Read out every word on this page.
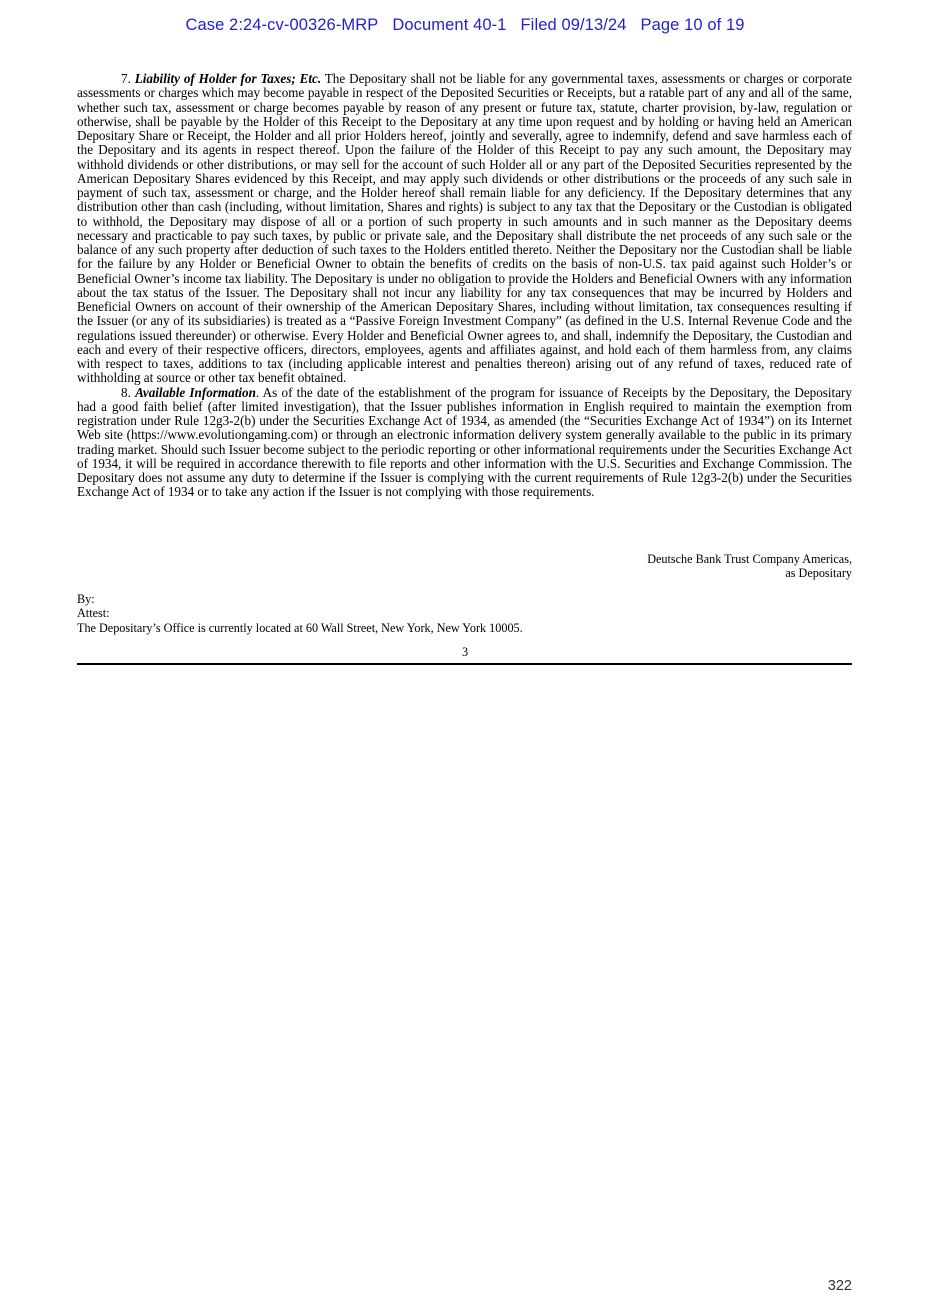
Case 2:24-cv-00326-MRP Document 40-1 Filed 09/13/24 Page 10 of 19

7. Liability of Holder for Taxes; Etc. The Depositary shall not be liable for any governmental taxes, assessments or charges or corporate assessments or charges which may become payable in respect of the Deposited Securities or Receipts, but a ratable part of any and all of the same, whether such tax, assessment or charge becomes payable by reason of any present or future tax, statute, charter provision, by-law, regulation or otherwise, shall be payable by the Holder of this Receipt to the Depositary at any time upon request and by holding or having held an American Depositary Share or Receipt, the Holder and all prior Holders hereof, jointly and severally, agree to indemnify, defend and save harmless each of the Depositary and its agents in respect thereof. Upon the failure of the Holder of this Receipt to pay any such amount, the Depositary may withhold dividends or other distributions, or may sell for the account of such Holder all or any part of the Deposited Securities represented by the American Depositary Shares evidenced by this Receipt, and may apply such dividends or other distributions or the proceeds of any such sale in payment of such tax, assessment or charge, and the Holder hereof shall remain liable for any deficiency. If the Depositary determines that any distribution other than cash (including, without limitation, Shares and rights) is subject to any tax that the Depositary or the Custodian is obligated to withhold, the Depositary may dispose of all or a portion of such property in such amounts and in such manner as the Depositary deems necessary and practicable to pay such taxes, by public or private sale, and the Depositary shall distribute the net proceeds of any such sale or the balance of any such property after deduction of such taxes to the Holders entitled thereto. Neither the Depositary nor the Custodian shall be liable for the failure by any Holder or Beneficial Owner to obtain the benefits of credits on the basis of non-U.S. tax paid against such Holder’s or Beneficial Owner’s income tax liability. The Depositary is under no obligation to provide the Holders and Beneficial Owners with any information about the tax status of the Issuer. The Depositary shall not incur any liability for any tax consequences that may be incurred by Holders and Beneficial Owners on account of their ownership of the American Depositary Shares, including without limitation, tax consequences resulting if the Issuer (or any of its subsidiaries) is treated as a “Passive Foreign Investment Company” (as defined in the U.S. Internal Revenue Code and the regulations issued thereunder) or otherwise. Every Holder and Beneficial Owner agrees to, and shall, indemnify the Depositary, the Custodian and each and every of their respective officers, directors, employees, agents and affiliates against, and hold each of them harmless from, any claims with respect to taxes, additions to tax (including applicable interest and penalties thereon) arising out of any refund of taxes, reduced rate of withholding at source or other tax benefit obtained.

8. Available Information. As of the date of the establishment of the program for issuance of Receipts by the Depositary, the Depositary had a good faith belief (after limited investigation), that the Issuer publishes information in English required to maintain the exemption from registration under Rule 12g3-2(b) under the Securities Exchange Act of 1934, as amended (the “Securities Exchange Act of 1934”) on its Internet Web site (https://www.evolutiongaming.com) or through an electronic information delivery system generally available to the public in its primary trading market. Should such Issuer become subject to the periodic reporting or other informational requirements under the Securities Exchange Act of 1934, it will be required in accordance therewith to file reports and other information with the U.S. Securities and Exchange Commission. The Depositary does not assume any duty to determine if the Issuer is complying with the current requirements of Rule 12g3-2(b) under the Securities Exchange Act of 1934 or to take any action if the Issuer is not complying with those requirements.

Deutsche Bank Trust Company Americas,
as Depositary
By:
Attest:
The Depositary’s Office is currently located at 60 Wall Street, New York, New York 10005.
3
322
